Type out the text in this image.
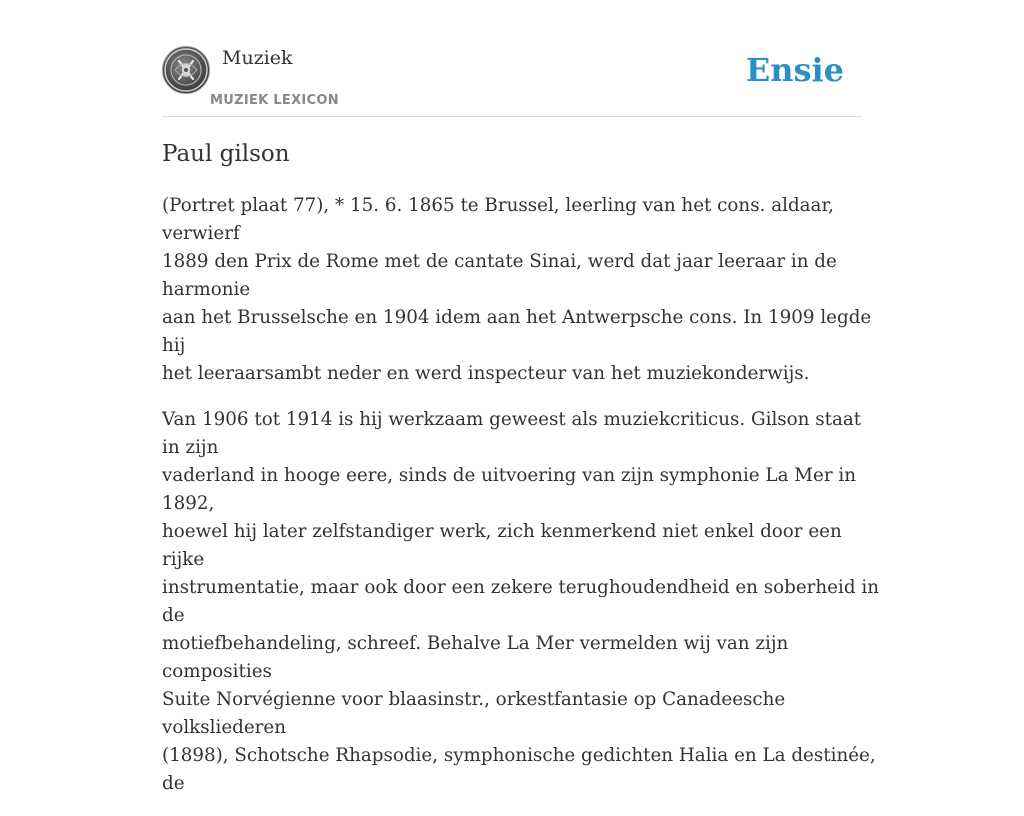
Muziek
MUZIEK LEXICON
Ensie
Paul gilson

(Portret plaat 77), * 15. 6. 1865 te Brussel, leerling van het cons. aldaar, verwierf
1889 den Prix de Rome met de cantate Sinai, werd dat jaar leeraar in de harmonie
aan het Brusselsche en 1904 idem aan het Antwerpsche cons. In 1909 legde hij
het leeraarsambt neder en werd inspecteur van het muziekonderwijs.

Van 1906 tot 1914 is hij werkzaam geweest als muziekcriticus. Gilson staat in zijn
vaderland in hooge eere, sinds de uitvoering van zijn symphonie La Mer in 1892,
hoewel hij later zelfstandiger werk, zich kenmerkend niet enkel door een rijke
instrumentatie, maar ook door een zekere terughoudendheid en soberheid in de
motiefbehandeling, schreef. Behalve La Mer vermelden wij van zijn composities
Suite Norvégienne voor blaasinstr., orkestfantasie op Canadeesche volksliederen
(1898), Schotsche Rhapsodie, symphonische gedichten Halia en La destinée, de
